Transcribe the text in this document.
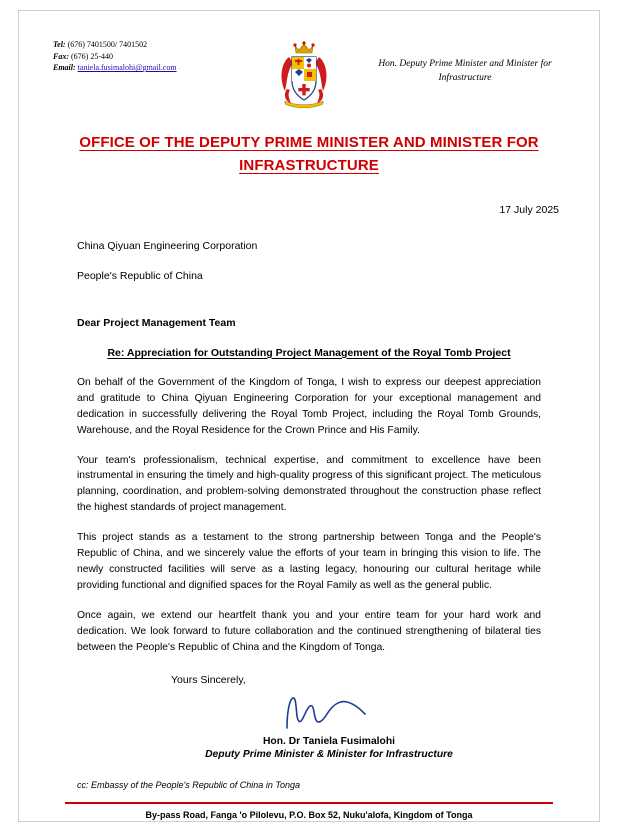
Tel: (676) 7401500/ 7401502
Fax: (676) 25-440
Email: taniela.fusimalohi@gmail.com	Hon. Deputy Prime Minister and Minister for
Infrastructure
OFFICE OF THE DEPUTY PRIME MINISTER AND MINISTER FOR
INFRASTRUCTURE
17 July 2025
China Qiyuan Engineering Corporation
People's Republic of China
Dear Project Management Team
Re: Appreciation for Outstanding Project Management of the Royal Tomb Project
On behalf of the Government of the Kingdom of Tonga, I wish to express our deepest appreciation and gratitude to China Qiyuan Engineering Corporation for your exceptional management and dedication in successfully delivering the Royal Tomb Project, including the Royal Tomb Grounds, Warehouse, and the Royal Residence for the Crown Prince and His Family.
Your team's professionalism, technical expertise, and commitment to excellence have been instrumental in ensuring the timely and high-quality progress of this significant project. The meticulous planning, coordination, and problem-solving demonstrated throughout the construction phase reflect the highest standards of project management.
This project stands as a testament to the strong partnership between Tonga and the People's Republic of China, and we sincerely value the efforts of your team in bringing this vision to life. The newly constructed facilities will serve as a lasting legacy, honouring our cultural heritage while providing functional and dignified spaces for the Royal Family as well as the general public.
Once again, we extend our heartfelt thank you and your entire team for your hard work and dedication. We look forward to future collaboration and the continued strengthening of bilateral ties between the People's Republic of China and the Kingdom of Tonga.
Yours Sincerely,
Hon. Dr Taniela Fusimalohi
Deputy Prime Minister & Minister for Infrastructure
cc: Embassy of the People's Republic of China in Tonga
By-pass Road, Fanga 'o Pilolevu, P.O. Box 52, Nuku'alofa, Kingdom of Tonga
